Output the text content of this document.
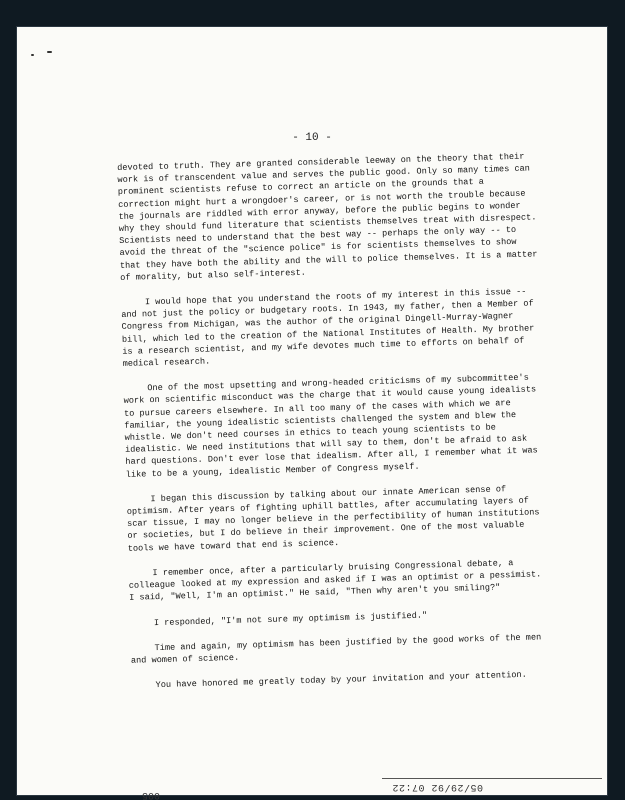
- 10 -

devoted to truth. They are granted considerable leeway on the theory that their work is of transcendent value and serves the public good. Only so many times can prominent scientists refuse to correct an article on the grounds that a correction might hurt a wrongdoer's career, or is not worth the trouble because the journals are riddled with error anyway, before the public begins to wonder why they should fund literature that scientists themselves treat with disrespect. Scientists need to understand that the best way -- perhaps the only way -- to avoid the threat of the "science police" is for scientists themselves to show that they have both the ability and the will to police themselves. It is a matter of morality, but also self-interest.

I would hope that you understand the roots of my interest in this issue -- and not just the policy or budgetary roots. In 1943, my father, then a Member of Congress from Michigan, was the author of the original Dingell-Murray-Wagner bill, which led to the creation of the National Institutes of Health. My brother is a research scientist, and my wife devotes much time to efforts on behalf of medical research.

One of the most upsetting and wrong-headed criticisms of my subcommittee's work on scientific misconduct was the charge that it would cause young idealists to pursue careers elsewhere. In all too many of the cases with which we are familiar, the young idealistic scientists challenged the system and blew the whistle. We don't need courses in ethics to teach young scientists to be idealistic. We need institutions that will say to them, don't be afraid to ask hard questions. Don't ever lose that idealism. After all, I remember what it was like to be a young, idealistic Member of Congress myself.

I began this discussion by talking about our innate American sense of optimism. After years of fighting uphill battles, after accumulating layers of scar tissue, I may no longer believe in the perfectibility of human institutions or societies, but I do believe in their improvement. One of the most valuable tools we have toward that end is science.

I remember once, after a particularly bruising Congressional debate, a colleague looked at my expression and asked if I was an optimist or a pessimist. I said, "Well, I'm an optimist." He said, "Then why aren't you smiling?"

I responded, "I'm not sure my optimism is justified."

Time and again, my optimism has been justified by the good works of the men and women of science.

You have honored me greatly today by your invitation and your attention.

05/29/92 07:22
005
